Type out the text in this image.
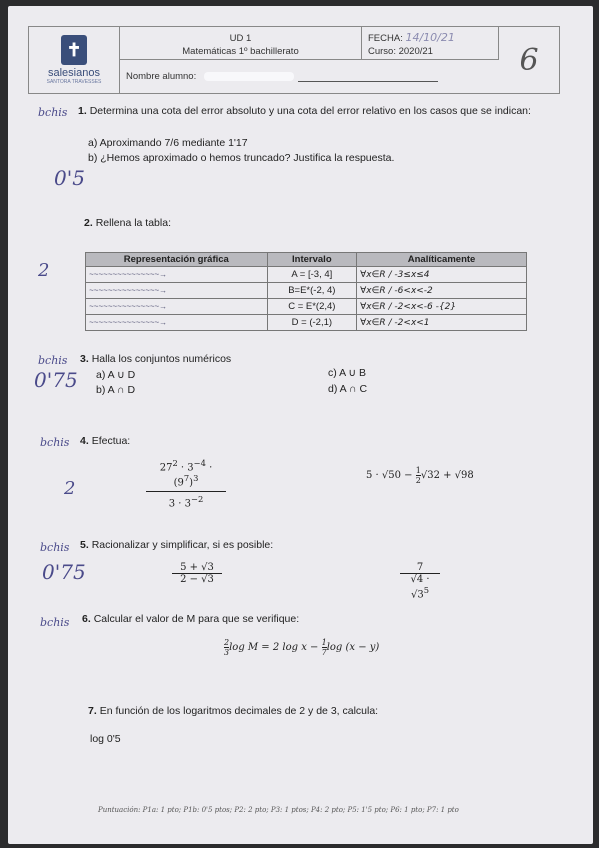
✝
salesianos
SANTORA TRAVESSES
UD 1
Matemáticas 1º bachillerato
FECHA: 14/10/21
Curso: 2020/21
Nombre alumno:	6
bchis 1. Determina una cota del error absoluto y una cota del error relativo en los casos que se indican:
a) Aproximando 7/6 mediante 1'17
b) ¿Hemos aproximado o hemos truncado? Justifica la respuesta.
0'5
2. Rellena la tabla:
2
Representación gráfica	Intervalo	Analíticamente
~~~~~~~~~~~~~~~→	A = [-3, 4]	∀x∈R / -3≤x≤4
~~~~~~~~~~~~~~~→	B=E*(-2, 4)	∀x∈R / -6<x<-2
~~~~~~~~~~~~~~~→	C = E*(2,4)	∀x∈R / -2<x<-6 -{2}
~~~~~~~~~~~~~~~→	D = (-2,1)	∀x∈R / -2<x<1
bchis 3. Halla los conjuntos numéricos
a) A ∪ D
b) A ∩ D
c) A ∪ B
d) A ∩ C
0'75
bchis 4. Efectua:
2	$\frac{27^2 \cdot 3^{-4} \cdot (9^7)^3}{3 \cdot 3^{-2}}$	$5 \cdot √50 - \frac{1}{2} √32 + √98$
bchis 5. Racionalizar y simplificar, si es posible:
0'75	$\frac{5 + √3}{2 - √3}$	$\frac{7}{√4 \cdot √3^5}$
bchis 6. Calcular el valor de M para que se verifique:
$\frac{2}{3}$ log M = 2 $\log x - \frac{1}{7}$ log (x − y)
7. En función de los logaritmos decimales de 2 y de 3, calcula:
log 0'5
Puntuación: P1a: 1 pto; P1b: 0'5 ptos; P2: 2 pto; P3: 1 ptos; P4: 2 pto; P5: 1'5 pto; P6: 1 pto; P7: 1 pto
